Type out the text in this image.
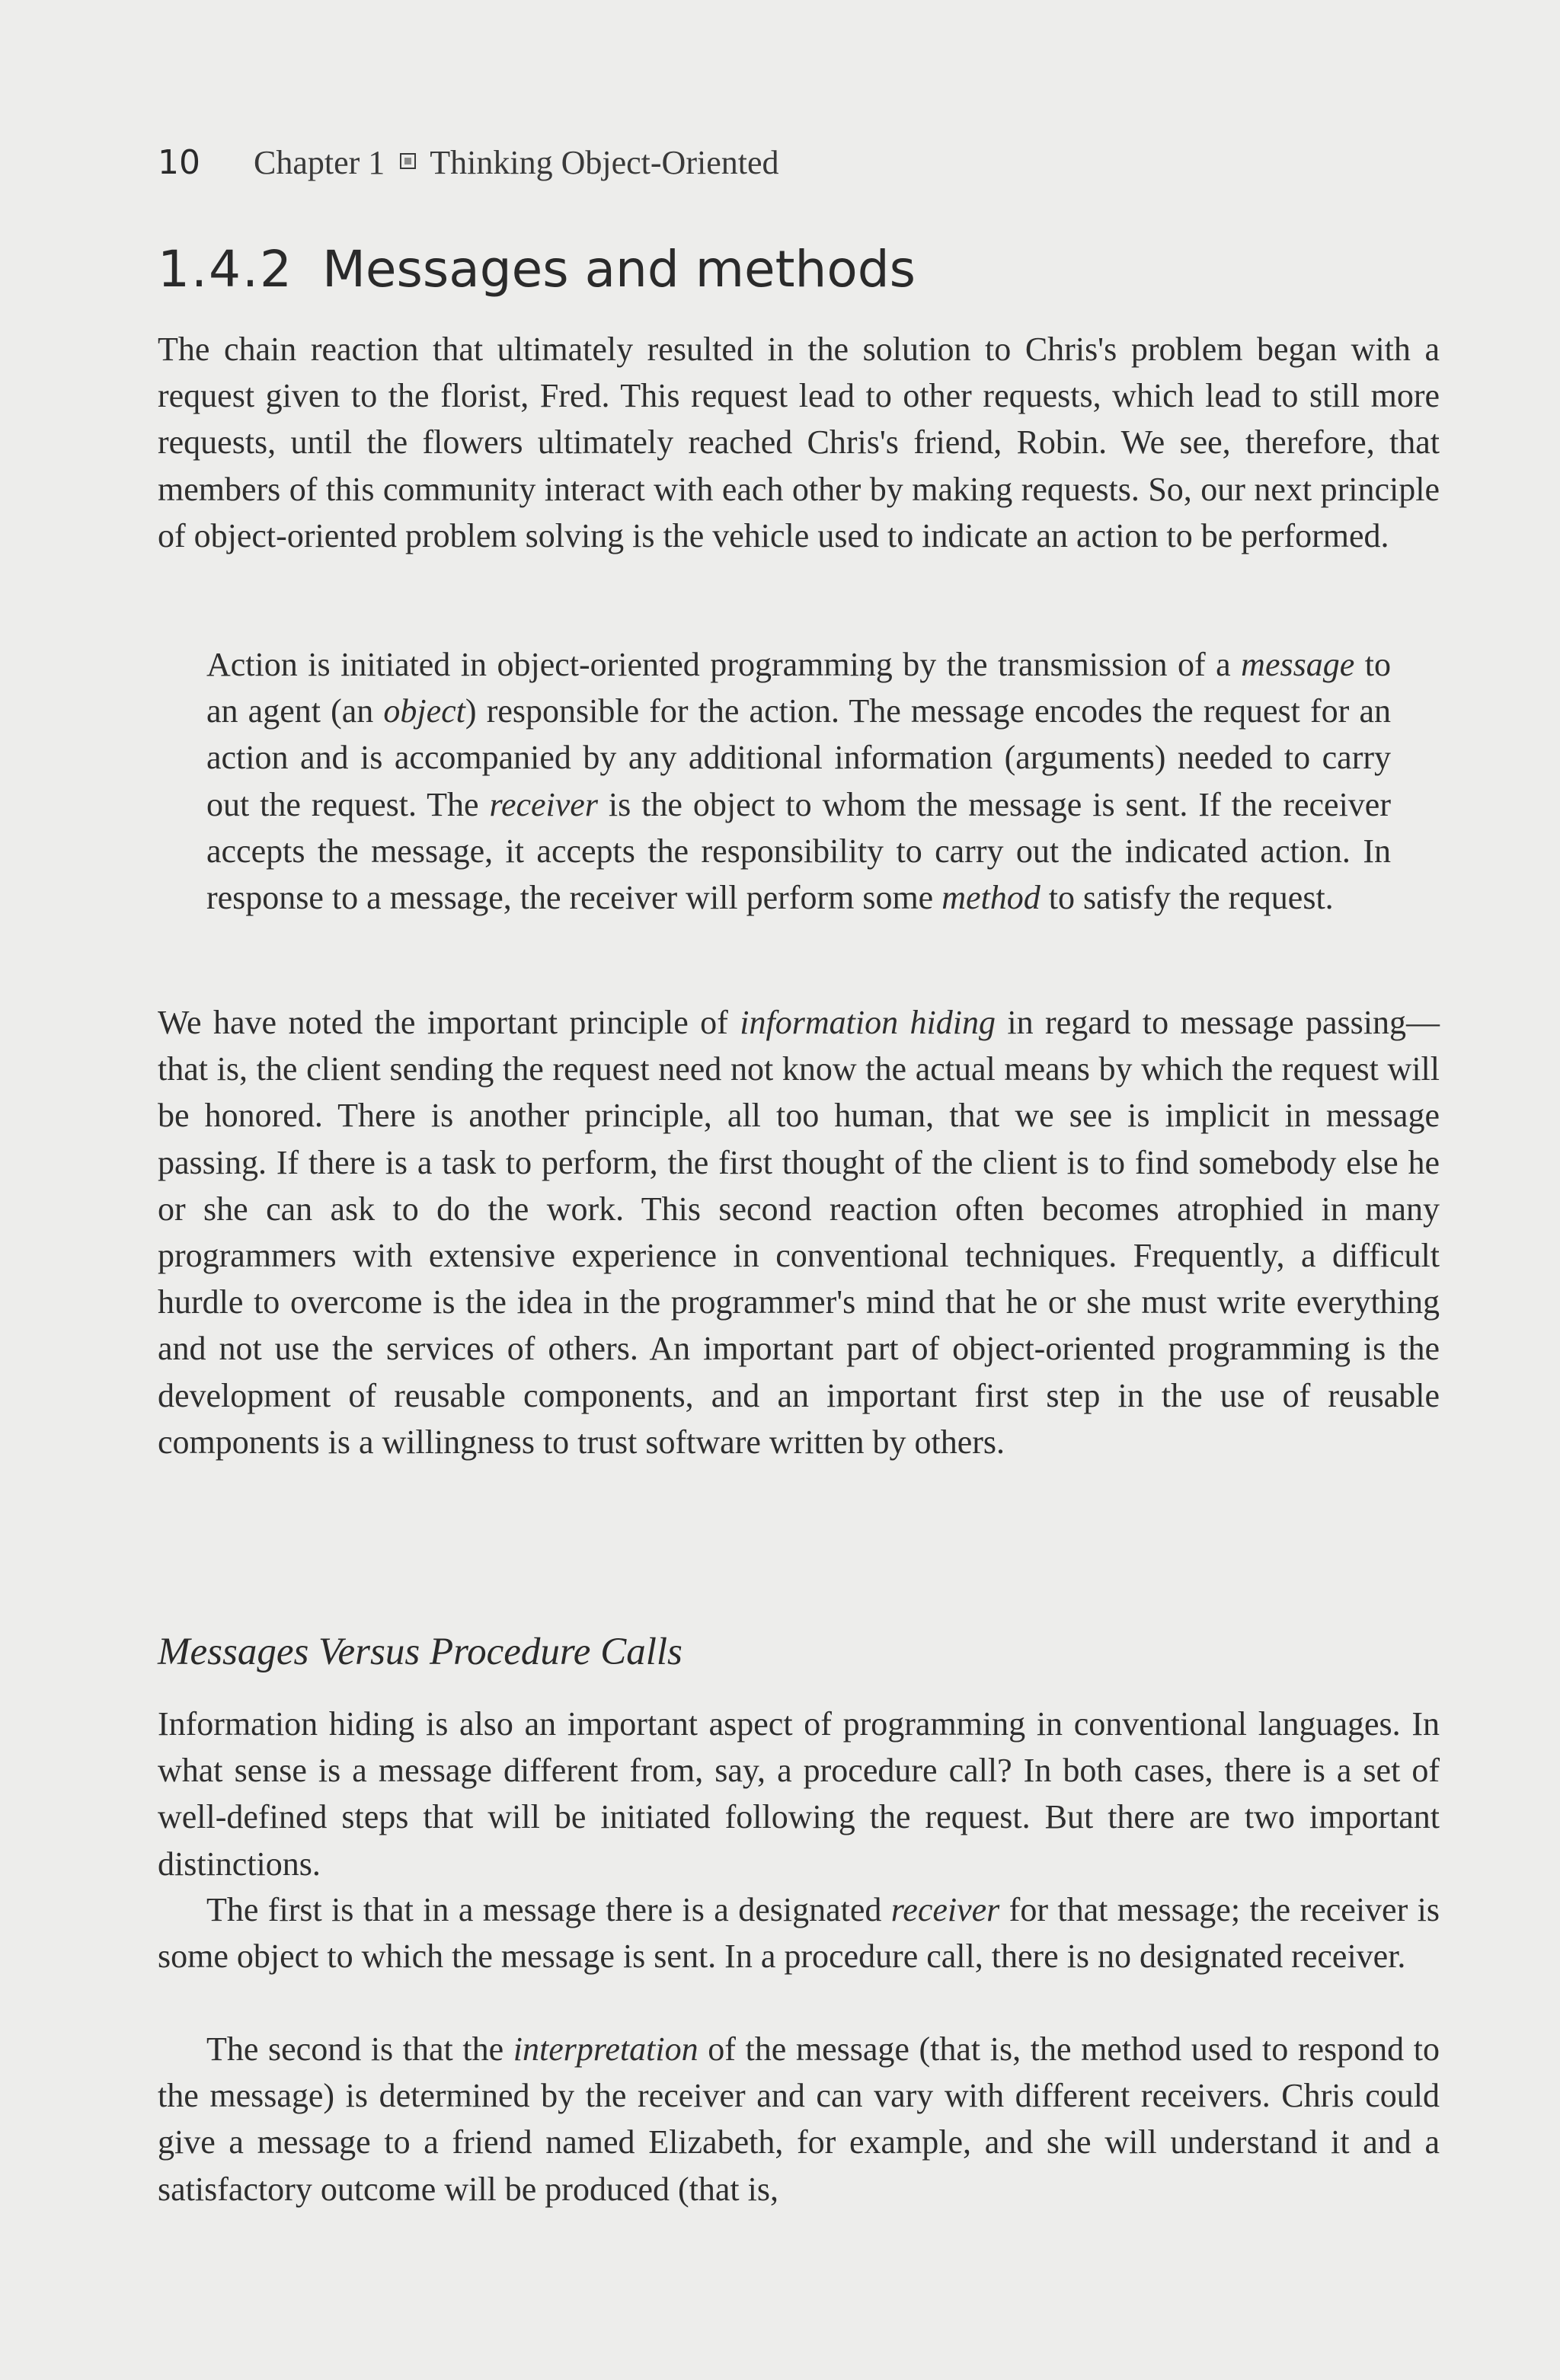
10 Chapter 1 Thinking Object-Oriented
1.4.2 Messages and methods

The chain reaction that ultimately resulted in the solution to Chris's problem began with a request given to the florist, Fred. This request lead to other requests, which lead to still more requests, until the flowers ultimately reached Chris's friend, Robin. We see, therefore, that members of this community interact with each other by making requests. So, our next principle of object-oriented problem solving is the vehicle used to indicate an action to be performed.

Action is initiated in object-oriented programming by the transmission of a message to an agent (an object) responsible for the action. The message encodes the request for an action and is accompanied by any additional information (arguments) needed to carry out the request. The receiver is the object to whom the message is sent. If the receiver accepts the message, it accepts the responsibility to carry out the indicated action. In response to a message, the receiver will perform some method to satisfy the request.

We have noted the important principle of information hiding in regard to message passing—that is, the client sending the request need not know the actual means by which the request will be honored. There is another principle, all too human, that we see is implicit in message passing. If there is a task to perform, the first thought of the client is to find somebody else he or she can ask to do the work. This second reaction often becomes atrophied in many programmers with extensive experience in conventional techniques. Frequently, a difficult hurdle to overcome is the idea in the programmer's mind that he or she must write everything and not use the services of others. An important part of object-oriented programming is the development of reusable components, and an important first step in the use of reusable components is a willingness to trust software written by others.

Messages Versus Procedure Calls

Information hiding is also an important aspect of programming in conventional languages. In what sense is a message different from, say, a procedure call? In both cases, there is a set of well-defined steps that will be initiated following the request. But there are two important distinctions.

The first is that in a message there is a designated receiver for that message; the receiver is some object to which the message is sent. In a procedure call, there is no designated receiver.

The second is that the interpretation of the message (that is, the method used to respond to the message) is determined by the receiver and can vary with different receivers. Chris could give a message to a friend named Elizabeth, for example, and she will understand it and a satisfactory outcome will be produced (that is,
